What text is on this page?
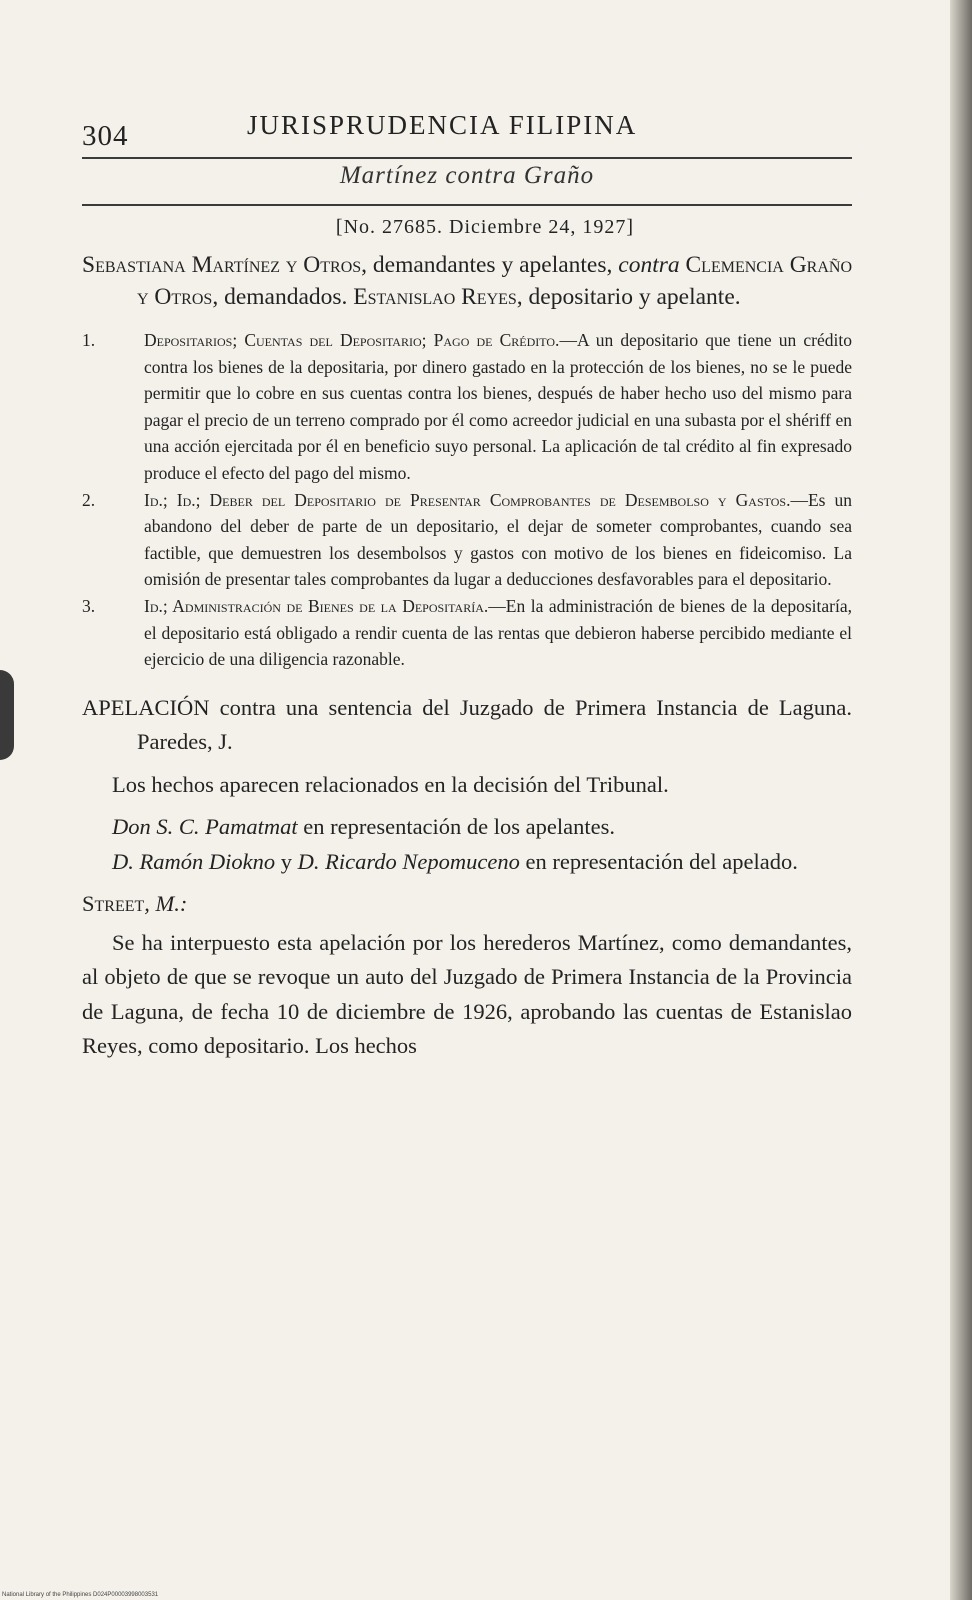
304	JURISPRUDENCIA FILIPINA
Martínez contra Graño
[No. 27685. Diciembre 24, 1927]
Sebastiana Martínez y Otros, demandantes y apelantes, contra Clemencia Graño y Otros, demandados. Estanislao Reyes, depositario y apelante.
1.	Depositarios; Cuentas del Depositario; Pago de Crédito.—A un depositario que tiene un crédito contra los bienes de la depositaria, por dinero gastado en la protección de los bienes, no se le puede permitir que lo cobre en sus cuentas contra los bienes, después de haber hecho uso del mismo para pagar el precio de un terreno comprado por él como acreedor judicial en una subasta por el shériff en una acción ejercitada por él en beneficio suyo personal. La aplicación de tal crédito al fin expresado produce el efecto del pago del mismo.
2.	Id.; Id.; Deber del Depositario de Presentar Comprobantes de Desembolso y Gastos.—Es un abandono del deber de parte de un depositario, el dejar de someter comprobantes, cuando sea factible, que demuestren los desembolsos y gastos con motivo de los bienes en fideicomiso. La omisión de presentar tales comprobantes da lugar a deducciones desfavorables para el depositario.
3.	Id.; Administración de Bienes de la Depositaría.—En la administración de bienes de la depositaría, el depositario está obligado a rendir cuenta de las rentas que debieron haberse percibido mediante el ejercicio de una diligencia razonable.
APELACIÓN contra una sentencia del Juzgado de Primera Instancia de Laguna. Paredes, J.
Los hechos aparecen relacionados en la decisión del Tribunal.
Don S. C. Pamatmat en representación de los apelantes.
D. Ramón Diokno y D. Ricardo Nepomuceno en representación del apelado.
Street, M.:
Se ha interpuesto esta apelación por los herederos Martínez, como demandantes, al objeto de que se revoque un auto del Juzgado de Primera Instancia de la Provincia de Laguna, de fecha 10 de diciembre de 1926, aprobando las cuentas de Estanislao Reyes, como depositario. Los hechos
National Library of the Philippines D024P00003998003531
